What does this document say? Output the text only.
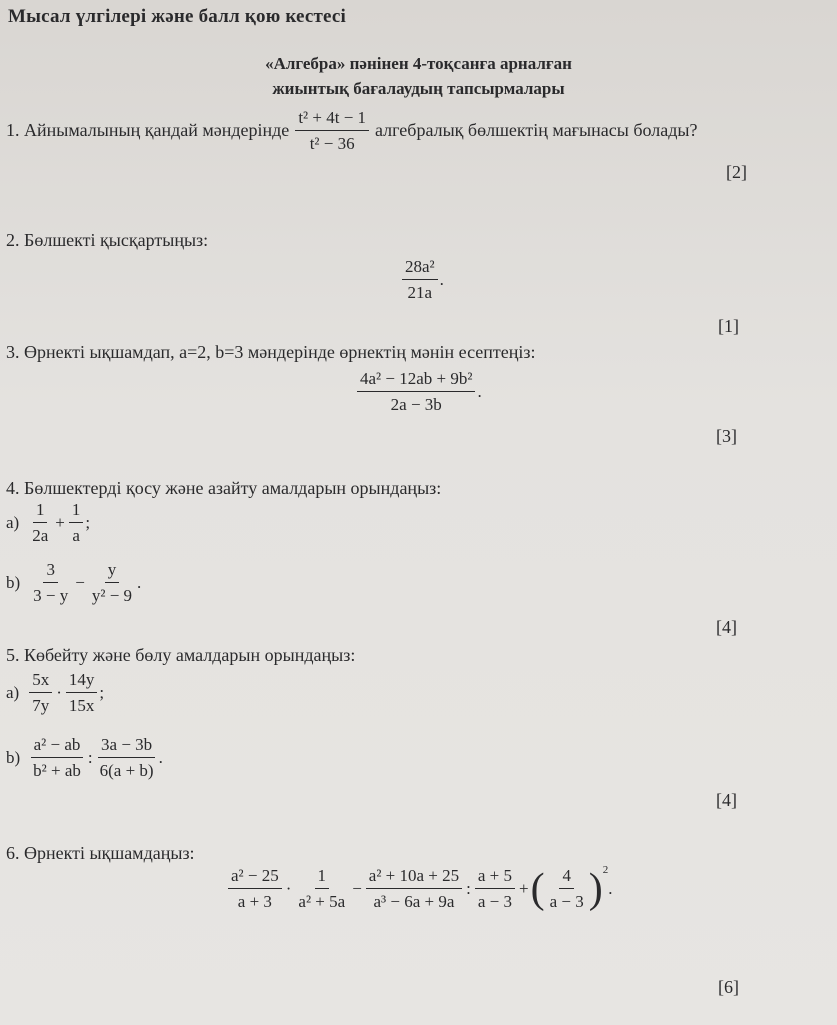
Мысал үлгілері және балл қою кестесі
«Алгебра» пәнінен 4-тоқсанға арналған
жиынтық бағалаудың тапсырмалары
1. Айнымалының қандай мәндерінде $\frac{\text{t² + 4t − 1}}{\text{t² − 36}}$ алгебралық бөлшектің мағынасы болады?
[2]
2. Бөлшекті қысқартыңыз:
$\frac{\text{28a²}}{21a}$ .
[1]
3. Өрнекті ықшамдап, a=2, b=3 мәндерінде өрнектің мәнін есептеңіз:
$\frac{\text{4a² − 12ab + 9b²}}{2a - 3b}$ .
[3]
4. Бөлшектерді қосу және азайту амалдарын орындаңыз:
$a) \frac{1}{2a} + \frac{1}{a}$ ;
$b) \frac{3}{3 - y} - \frac{y}{\text{y² − 9}}$ .
[4]
5. Көбейту және бөлу амалдарын орындаңыз:
$a) \frac{5x}{7y} \cdot \frac{14y}{15x}$ ;
$b) \frac{\text{a² − ab}}{\text{b² + ab}}$ : $\frac{3a - 3b}{6(a + b)}$ .
[4]
6. Өрнекті ықшамдаңыз:
$\frac{\text{a² − 25}}{a + 3} \cdot \frac{1}{\text{a² + 5a}} - \frac{\text{a² + 10a + 25}}{\text{a³ − 6a + 9a}}$ : $\frac{a + 5}{a - 3}$ + ( $\frac{4}{a - 3} )^2$
.
[6]
